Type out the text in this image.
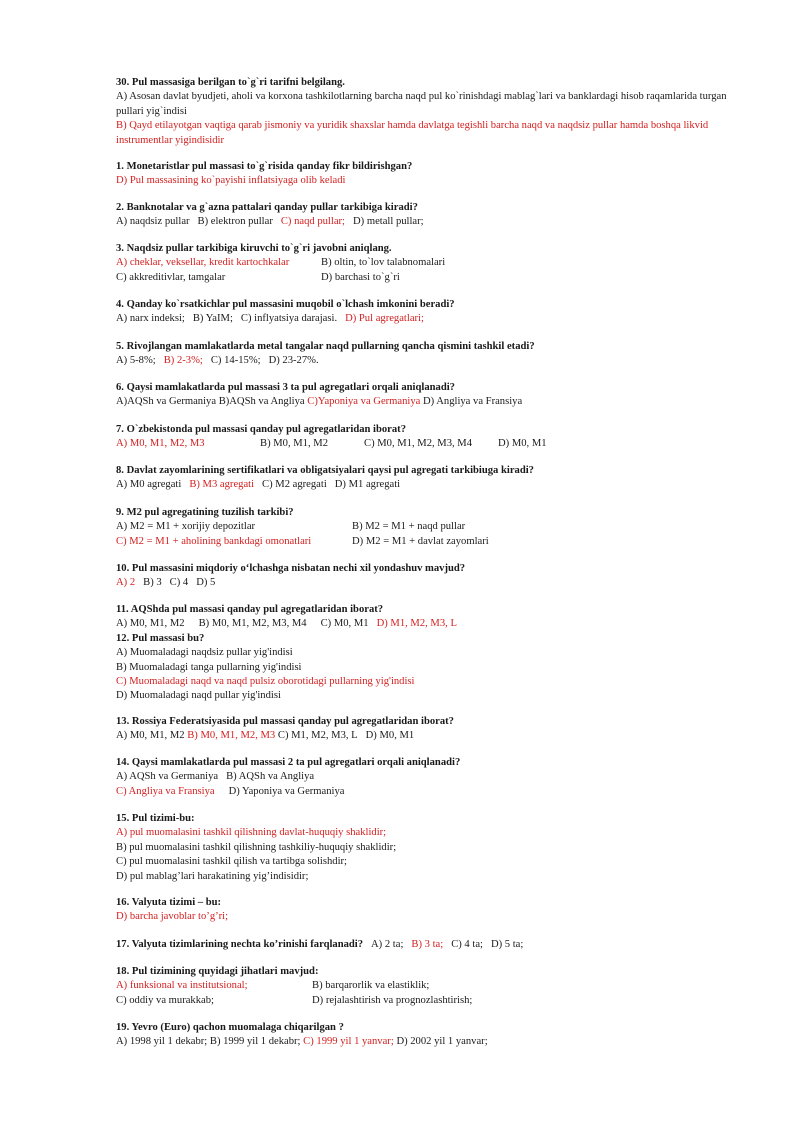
30. Pul massasiga berilgan to`g`ri tarifni belgilang.
A) Asosan davlat byudjeti, aholi va korxona tashkilotlarning barcha naqd pul ko`rinishdagi mablag`lari va banklardagi hisob raqamlarida turgan pullari yig`indisi
B) Qayd etilayotgan vaqtiga qarab jismoniy va yuridik shaxslar hamda davlatga tegishli barcha naqd va naqdsiz pullar hamda boshqa likvid instrumentlar yigindisidir
1. Monetaristlar pul massasi to`g`risida qanday fikr bildirishgan?
D) Pul massasining ko`payishi inflatsiyaga olib keladi
2. Banknotalar va g`azna pattalari qanday pullar tarkibiga kiradi?
A) naqdsiz pullar B) elektron pullar C) naqd pullar; D) metall pullar;
3. Naqdsiz pullar tarkibiga kiruvchi to`g`ri javobni aniqlang.
A) cheklar, veksellar, kredit kartochkalar	B) oltin, to`lov talabnomalari
C) akkreditivlar, tamgalar	D) barchasi to`g`ri
4. Qanday ko`rsatkichlar pul massasini muqobil o`lchash imkonini beradi?
A) narx indeksi; B) YaIM; C) inflyatsiya darajasi. D) Pul agregatlari;
5. Rivojlangan mamlakatlarda metal tangalar naqd pullarning qancha qismini tashkil etadi?
A) 5-8%; B) 2-3%; C) 14-15%; D) 23-27%.
6. Qaysi mamlakatlarda pul massasi 3 ta pul agregatlari orqali aniqlanadi?
A)AQSh va Germaniya B)AQSh va Angliya C)Yaponiya va Germaniya D) Angliya va Fransiya
7. O`zbekistonda pul massasi qanday pul agregatlaridan iborat?
A) M0, M1, M2, M3	B) M0, M1, M2	C) M0, M1, M2, M3, M4 D) M0, M1
8. Davlat zayomlarining sertifikatlari va obligatsiyalari qaysi pul agregati tarkibiuga kiradi?
A) M0 agregati B) M3 agregati C) M2 agregati D) M1 agregati
9. M2 pul agregatining tuzilish tarkibi?
A) M2 = M1 + xorijiy depozitlar	B) M2 = M1 + naqd pullar
C) M2 = M1 + aholining bankdagi omonatlari	D) M2 = M1 + davlat zayomlari
10. Pul massasini miqdoriy o‘lchashga nisbatan nechi xil yondashuv mavjud?
A) 2 B) 3 C) 4 D) 5
11. AQShda pul massasi qanday pul agregatlaridan iborat?
A) M0, M1, M2 B) M0, M1, M2, M3, M4 C) M0, M1 D) M1, M2, M3, L
12. Pul massasi bu?
A) Muomaladagi naqdsiz pullar yig'indisi
B) Muomaladagi tanga pullarning yig'indisi
C) Muomaladagi naqd va naqd pulsiz oborotidagi pullarning yig'indisi
D) Muomaladagi naqd pullar yig'indisi
13. Rossiya Federatsiyasida pul massasi qanday pul agregatlaridan iborat?
A) M0, M1, M2 B) M0, M1, M2, M3 C) M1, M2, M3, L D) M0, M1
14. Qaysi mamlakatlarda pul massasi 2 ta pul agregatlari orqali aniqlanadi?
A) AQSh va Germaniya B) AQSh va Angliya
C) Angliya va Fransiya D) Yaponiya va Germaniya
15. Pul tizimi-bu:
A) pul muomalasini tashkil qilishning davlat-huquqiy shaklidir;
B) pul muomalasini tashkil qilishning tashkiliy-huquqiy shaklidir;
C) pul muomalasini tashkil qilish va tartibga solishdir;
D) pul mablag’lari harakatining yig’indisidir;
16. Valyuta tizimi – bu:
D) barcha javoblar to’g’ri;
17. Valyuta tizimlarining nechta ko’rinishi farqlanadi? A) 2 ta; B) 3 ta; C) 4 ta; D) 5 ta;
18. Pul tizimining quyidagi jihatlari mavjud:
A) funksional va institutsional;	B) barqarorlik va elastiklik;
C) oddiy va murakkab;	D) rejalashtirish va prognozlashtirish;
19. Yevro (Euro) qachon muomalaga chiqarilgan ?
A) 1998 yil 1 dekabr; B) 1999 yil 1 dekabr; C) 1999 yil 1 yanvar; D) 2002 yil 1 yanvar;
